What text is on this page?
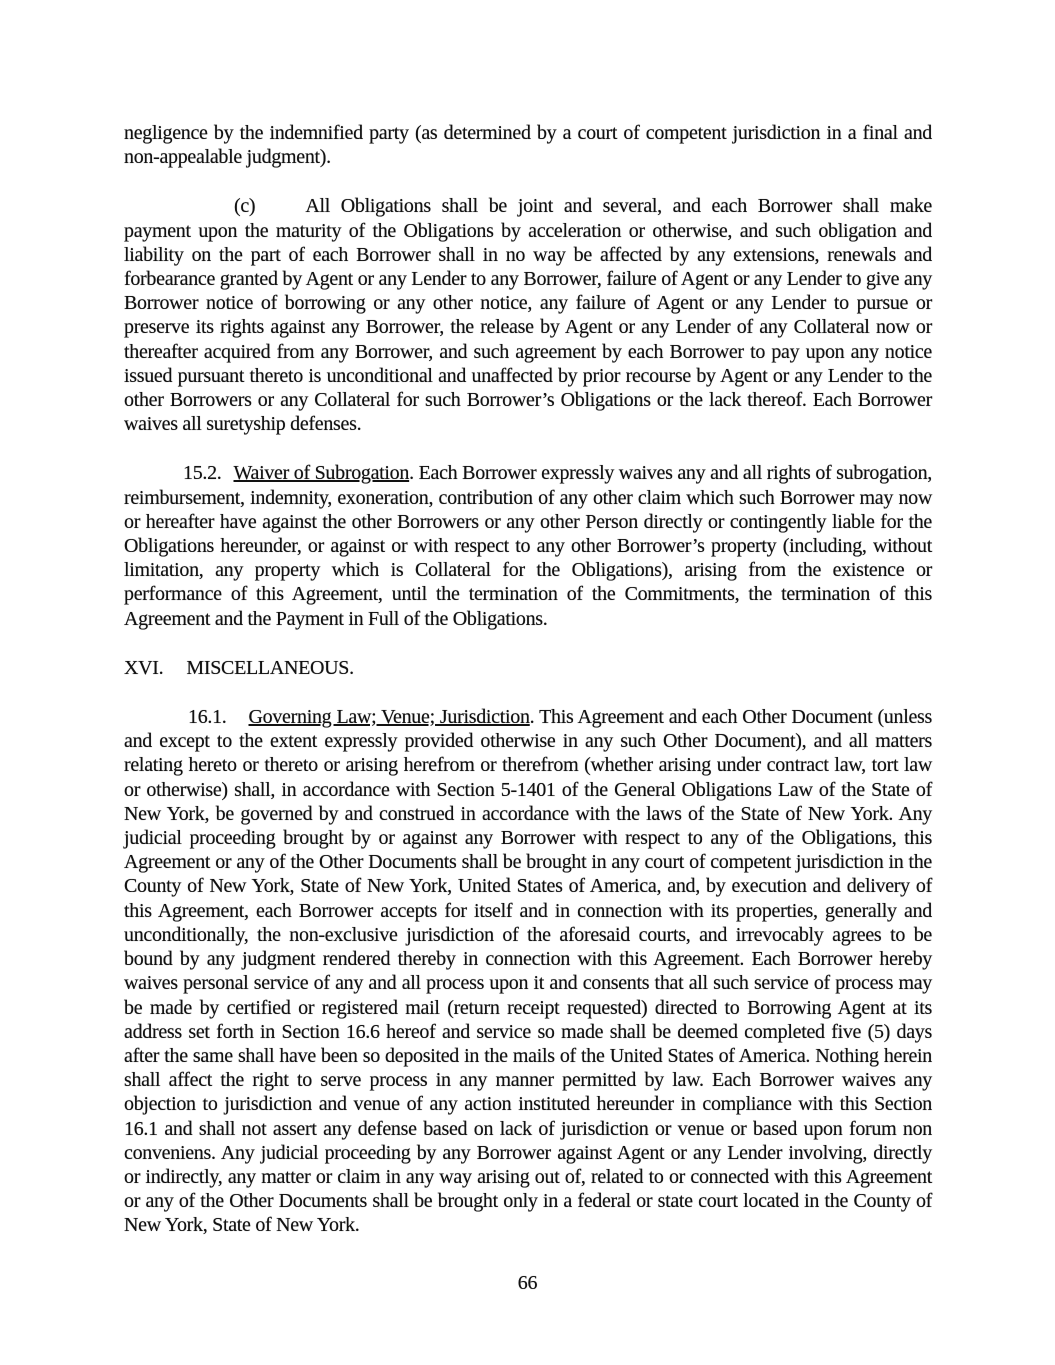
negligence by the indemnified party (as determined by a court of competent jurisdiction in a final and non-appealable judgment).
(c)	All Obligations shall be joint and several, and each Borrower shall make payment upon the maturity of the Obligations by acceleration or otherwise, and such obligation and liability on the part of each Borrower shall in no way be affected by any extensions, renewals and forbearance granted by Agent or any Lender to any Borrower, failure of Agent or any Lender to give any Borrower notice of borrowing or any other notice, any failure of Agent or any Lender to pursue or preserve its rights against any Borrower, the release by Agent or any Lender of any Collateral now or thereafter acquired from any Borrower, and such agreement by each Borrower to pay upon any notice issued pursuant thereto is unconditional and unaffected by prior recourse by Agent or any Lender to the other Borrowers or any Collateral for such Borrower’s Obligations or the lack thereof. Each Borrower waives all suretyship defenses.
15.2. Waiver of Subrogation. Each Borrower expressly waives any and all rights of subrogation, reimbursement, indemnity, exoneration, contribution of any other claim which such Borrower may now or hereafter have against the other Borrowers or any other Person directly or contingently liable for the Obligations hereunder, or against or with respect to any other Borrower’s property (including, without limitation, any property which is Collateral for the Obligations), arising from the existence or performance of this Agreement, until the termination of the Commitments, the termination of this Agreement and the Payment in Full of the Obligations.
XVI. MISCELLANEOUS.
16.1. Governing Law; Venue; Jurisdiction. This Agreement and each Other Document (unless and except to the extent expressly provided otherwise in any such Other Document), and all matters relating hereto or thereto or arising herefrom or therefrom (whether arising under contract law, tort law or otherwise) shall, in accordance with Section 5-1401 of the General Obligations Law of the State of New York, be governed by and construed in accordance with the laws of the State of New York. Any judicial proceeding brought by or against any Borrower with respect to any of the Obligations, this Agreement or any of the Other Documents shall be brought in any court of competent jurisdiction in the County of New York, State of New York, United States of America, and, by execution and delivery of this Agreement, each Borrower accepts for itself and in connection with its properties, generally and unconditionally, the non-exclusive jurisdiction of the aforesaid courts, and irrevocably agrees to be bound by any judgment rendered thereby in connection with this Agreement. Each Borrower hereby waives personal service of any and all process upon it and consents that all such service of process may be made by certified or registered mail (return receipt requested) directed to Borrowing Agent at its address set forth in Section 16.6 hereof and service so made shall be deemed completed five (5) days after the same shall have been so deposited in the mails of the United States of America. Nothing herein shall affect the right to serve process in any manner permitted by law. Each Borrower waives any objection to jurisdiction and venue of any action instituted hereunder in compliance with this Section 16.1 and shall not assert any defense based on lack of jurisdiction or venue or based upon forum non conveniens. Any judicial proceeding by any Borrower against Agent or any Lender involving, directly or indirectly, any matter or claim in any way arising out of, related to or connected with this Agreement or any of the Other Documents shall be brought only in a federal or state court located in the County of New York, State of New York.
66
